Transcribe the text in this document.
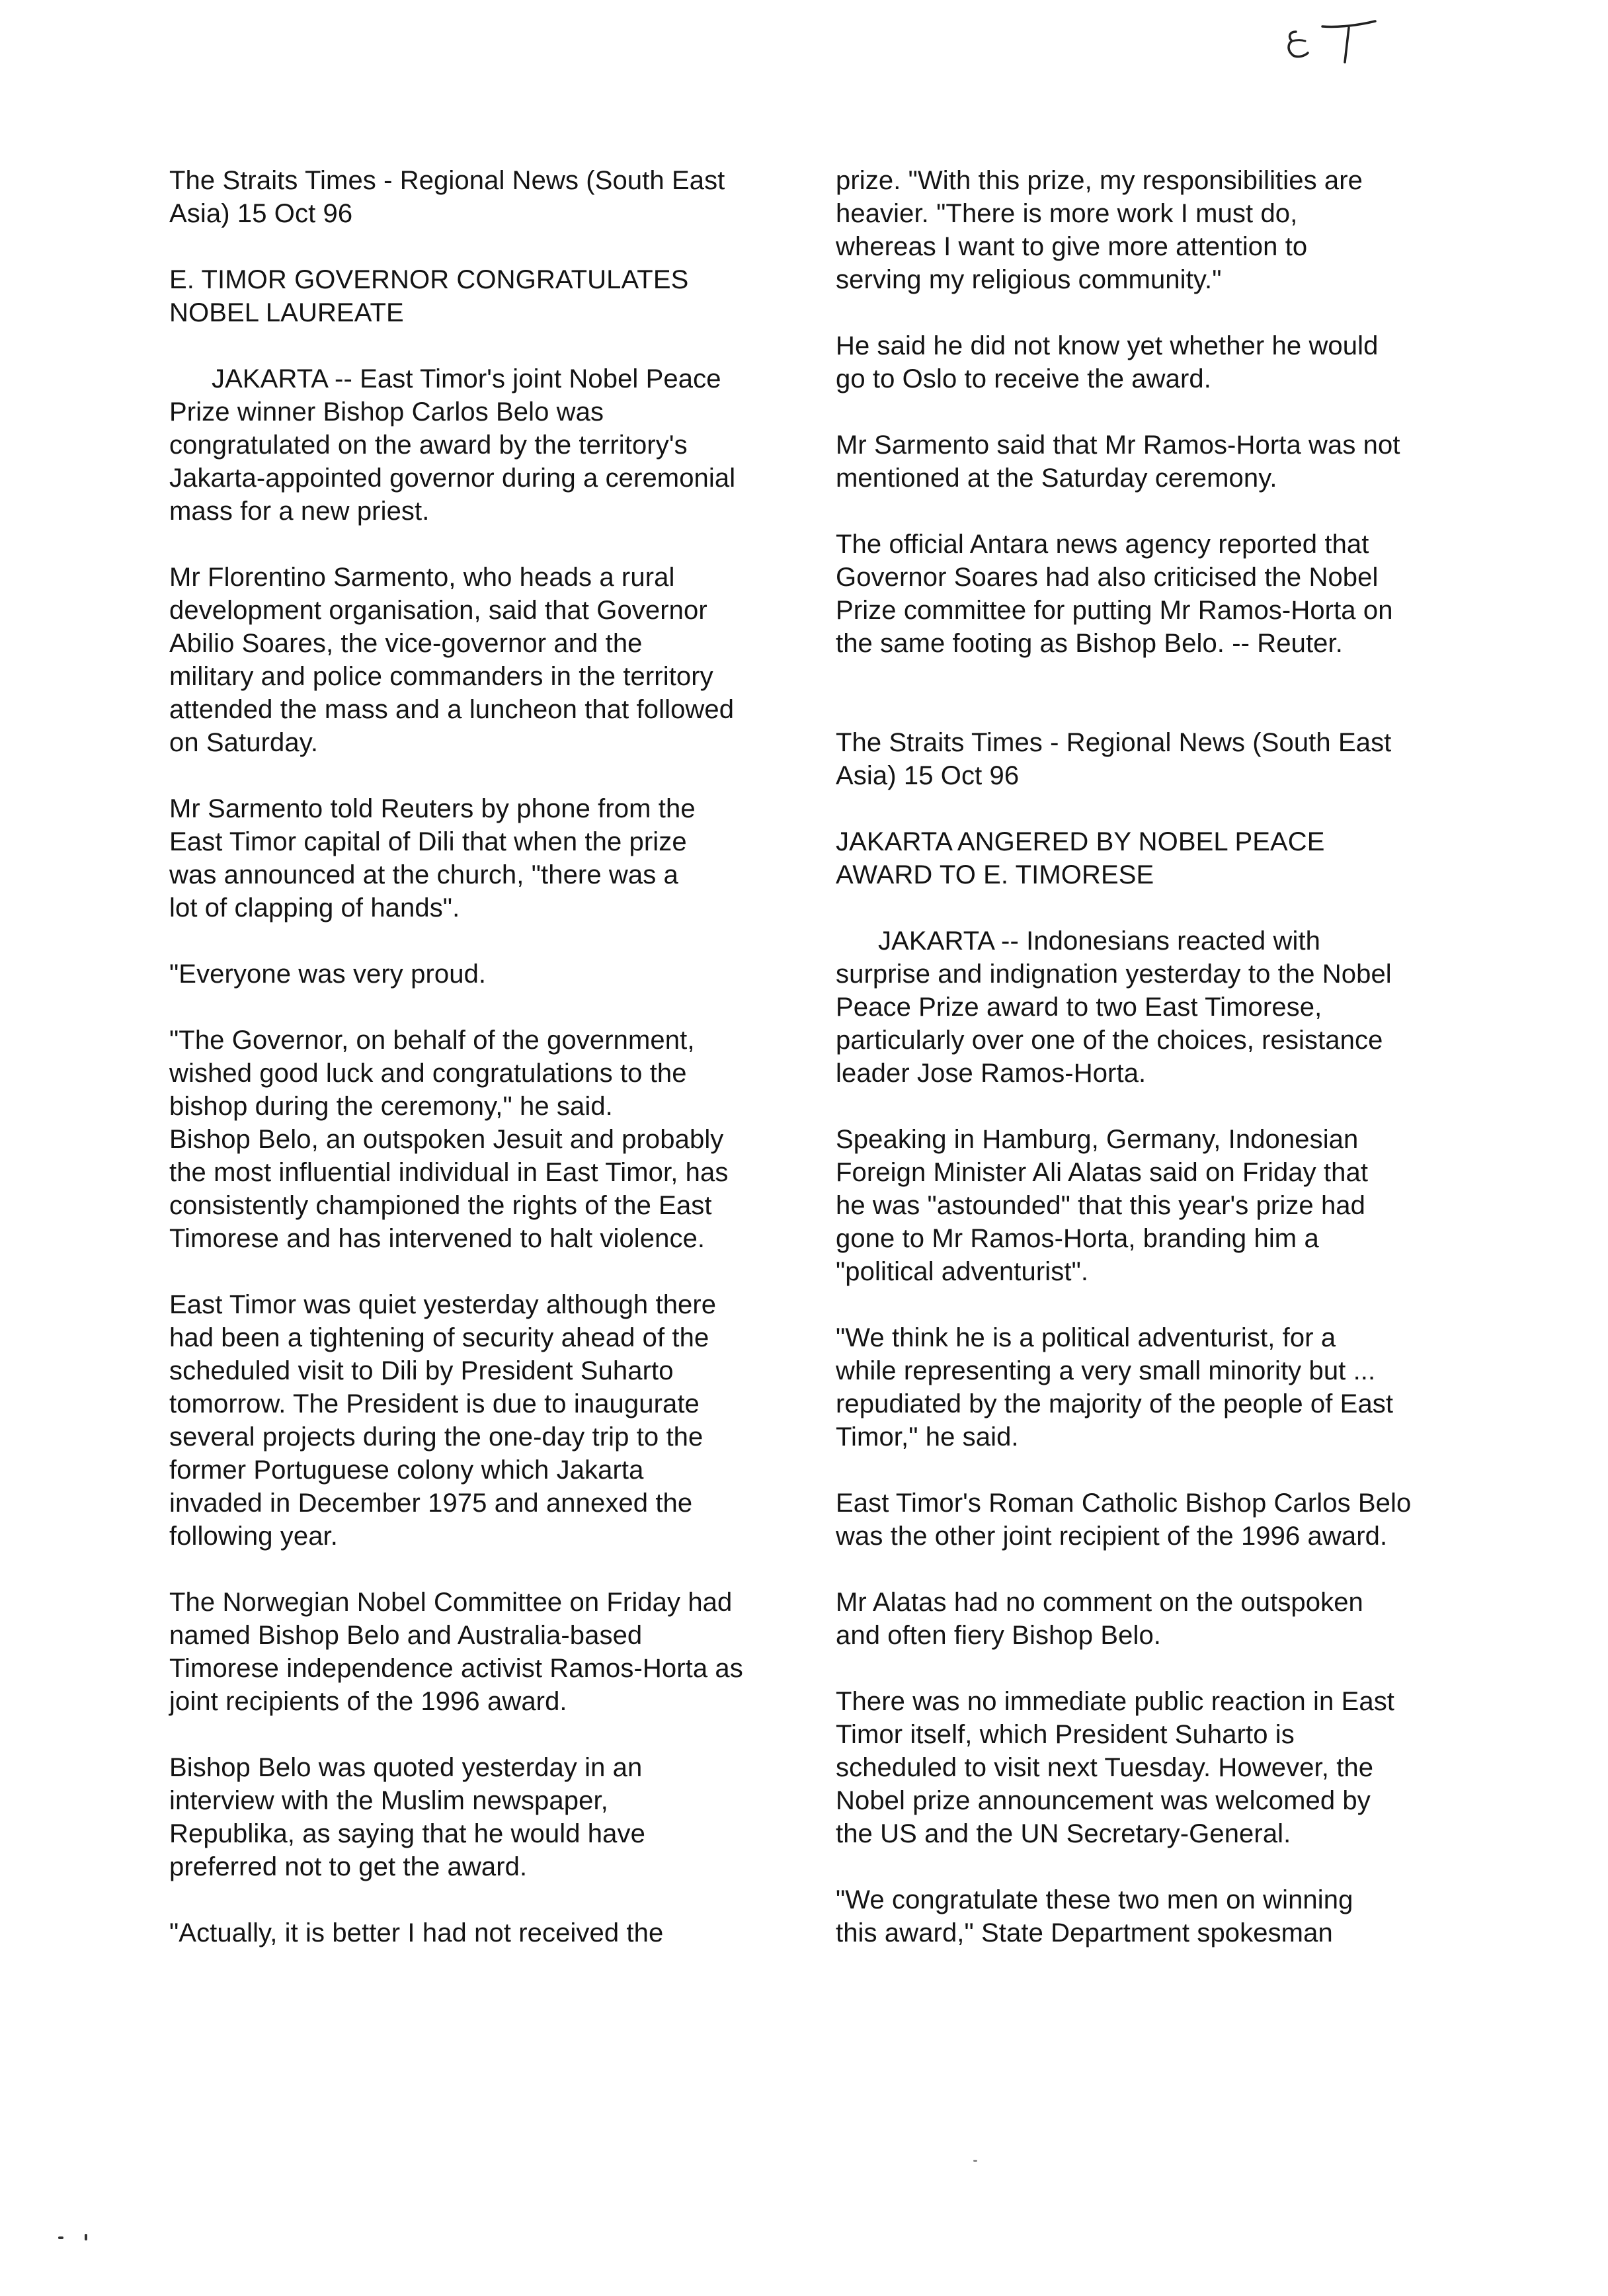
The Straits Times - Regional News (South East
Asia) 15 Oct 96

E. TIMOR GOVERNOR CONGRATULATES
NOBEL LAUREATE

JAKARTA -- East Timor's joint Nobel Peace
Prize winner Bishop Carlos Belo was
congratulated on the award by the territory's
Jakarta-appointed governor during a ceremonial
mass for a new priest.

Mr Florentino Sarmento, who heads a rural
development organisation, said that Governor
Abilio Soares, the vice-governor and the
military and police commanders in the territory
attended the mass and a luncheon that followed
on Saturday.

Mr Sarmento told Reuters by phone from the
East Timor capital of Dili that when the prize
was announced at the church, "there was a
lot of clapping of hands".

"Everyone was very proud.

"The Governor, on behalf of the government,
wished good luck and congratulations to the
bishop during the ceremony," he said.

Bishop Belo, an outspoken Jesuit and probably
the most influential individual in East Timor, has
consistently championed the rights of the East
Timorese and has intervened to halt violence.

East Timor was quiet yesterday although there
had been a tightening of security ahead of the
scheduled visit to Dili by President Suharto
tomorrow. The President is due to inaugurate
several projects during the one-day trip to the
former Portuguese colony which Jakarta
invaded in December 1975 and annexed the
following year.

The Norwegian Nobel Committee on Friday had
named Bishop Belo and Australia-based
Timorese independence activist Ramos-Horta as
joint recipients of the 1996 award.

Bishop Belo was quoted yesterday in an
interview with the Muslim newspaper,
Republika, as saying that he would have
preferred not to get the award.

"Actually, it is better I had not received the

prize. "With this prize, my responsibilities are
heavier. "There is more work I must do,
whereas I want to give more attention to
serving my religious community."

He said he did not know yet whether he would
go to Oslo to receive the award.

Mr Sarmento said that Mr Ramos-Horta was not
mentioned at the Saturday ceremony.

The official Antara news agency reported that
Governor Soares had also criticised the Nobel
Prize committee for putting Mr Ramos-Horta on
the same footing as Bishop Belo. -- Reuter.

The Straits Times - Regional News (South East
Asia) 15 Oct 96

JAKARTA ANGERED BY NOBEL PEACE
AWARD TO E. TIMORESE

JAKARTA -- Indonesians reacted with
surprise and indignation yesterday to the Nobel
Peace Prize award to two East Timorese,
particularly over one of the choices, resistance
leader Jose Ramos-Horta.

Speaking in Hamburg, Germany, Indonesian
Foreign Minister Ali Alatas said on Friday that
he was "astounded" that this year's prize had
gone to Mr Ramos-Horta, branding him a
"political adventurist".

"We think he is a political adventurist, for a
while representing a very small minority but ...
repudiated by the majority of the people of East
Timor," he said.

East Timor's Roman Catholic Bishop Carlos Belo
was the other joint recipient of the 1996 award.

Mr Alatas had no comment on the outspoken
and often fiery Bishop Belo.

There was no immediate public reaction in East
Timor itself, which President Suharto is
scheduled to visit next Tuesday. However, the
Nobel prize announcement was welcomed by
the US and the UN Secretary-General.

"We congratulate these two men on winning
this award," State Department spokesman
